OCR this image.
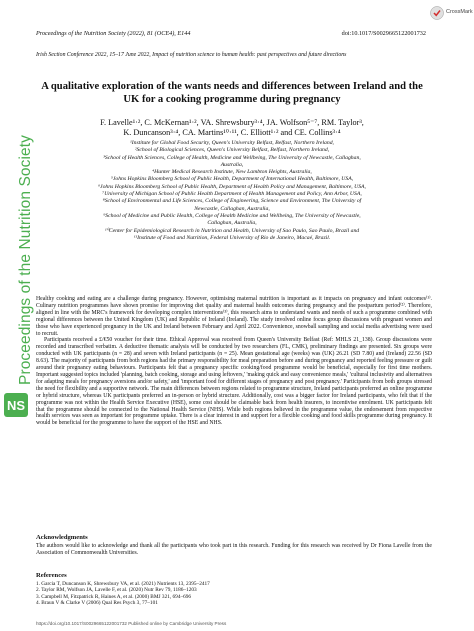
NS
Proceedings of the Nutrition Society
CrossMark
Proceedings of the Nutrition Society (2022), 81 (OCE4), E144	doi:10.1017/S0029665122001732
Irish Section Conference 2022, 15–17 June 2022, Impact of nutrition science to human health: past perspectives and future directions
A qualitative exploration of the wants needs and differences between Ireland and the UK for a cooking programme during pregnancy
F. Lavelle¹·², C. McKernan¹·², VA. Shrewsbury³·⁴, JA. Wolfson⁵⁻⁷, RM. Taylor³,
K. Duncanson³·⁴, CA. Martins¹⁰·¹¹, C. Elliott¹·² and CE. Collins³·⁴
¹Institute for Global Food Security, Queen's University Belfast, Belfast, Northern Ireland,
²School of Biological Sciences, Queen's University Belfast, Belfast, Northern Ireland,
³School of Health Sciences, College of Health, Medicine and Wellbeing, The University of Newcastle, Callaghan,
Australia,
⁴Hunter Medical Research Institute, New Lambton Heights, Australia,
⁵Johns Hopkins Bloomberg School of Public Health, Department of International Health, Baltimore, USA,
⁶Johns Hopkins Bloomberg School of Public Health, Department of Health Policy and Management, Baltimore, USA,
⁷University of Michigan School of Public Health Department of Health Management and Policy, Ann Arbor, USA,
⁸School of Environmental and Life Sciences, College of Engineering, Science and Environment, The University of
Newcastle, Callaghan, Australia,
⁹School of Medicine and Public Health, College of Health Medicine and Wellbeing, The University of Newcastle,
Callaghan, Australia,
¹⁰Center for Epidemiological Research in Nutrition and Health, University of Sao Paulo, Sao Paulo, Brazil and
¹¹Institute of Food and Nutrition, Federal University of Rio de Janeiro, Macaé, Brazil.

Healthy cooking and eating are a challenge during pregnancy. However, optimising maternal nutrition is important as it impacts on pregnancy and infant outcomes⁽¹⁾. Culinary nutrition programmes have shown promise for improving diet quality and maternal health outcomes during pregnancy and the postpartum period⁽²⁾. Therefore, aligned in line with the MRC's framework for developing complex interventions⁽³⁾, this research aims to understand wants and needs of such a programme combined with regional differences between the United Kingdom (UK) and Republic of Ireland (Ireland). The study involved online focus group discussions with pregnant women and those who have experienced pregnancy in the UK and Ireland between February and April 2022. Convenience, snowball sampling and social media advertising were used to recruit.

Participants received a £/€50 voucher for their time. Ethical Approval was received from Queen's University Belfast (Ref: MHLS 21_138). Group discussions were recorded and transcribed verbatim. A deductive thematic analysis will be conducted by two researchers (FL, CMK), preliminary findings are presented. Six groups were conducted with UK participants (n = 28) and seven with Ireland participants (n = 25). Mean gestational age (weeks) was (UK) 26.21 (SD 7.80) and (Ireland) 22.56 (SD 8.63). The majority of participants from both regions had the primary responsibility for meal preparation before and during pregnancy and reported feeling pressure or guilt around their pregnancy eating behaviours. Participants felt that a pregnancy specific cooking/food programme would be beneficial, especially for first time mothers. Important suggested topics included 'planning, batch cooking, storage and using leftovers,' 'making quick and easy convenience meals,' 'cultural inclusivity and alternatives for adapting meals for pregnancy aversions and/or safety,' and 'important food for different stages of pregnancy and post pregnancy.' Participants from both groups stressed the need for flexibility and a supportive network. The main differences between regions related to programme structure, Ireland participants preferred an online programme or hybrid structure, whereas UK participants preferred an in-person or hybrid structure. Additionally, cost was a bigger factor for Ireland participants, who felt that if the programme was not within the Health Service Executive (HSE), some cost should be claimable back from health insurers, to incentivise enrolment. UK participants felt that the programme should be connected to the National Health Service (NHS). While both regions believed in the programme value, the endorsement from respective health services was seen as important for programme uptake. There is a clear interest in and support for a flexible cooking and food skills programme during pregnancy. It would be beneficial for the programme to have the support of the HSE and NHS.

Acknowledgments
The authors would like to acknowledge and thank all the participants who took part in this research. Funding for this research was received by Dr Fiona Lavelle from the Association of Commonwealth Universities.
References
1. Garcia T, Duncanson K, Shrewsbury VA, et al. (2021) Nutrients 13, 2395–2417
2. Taylor RM, Wolfson JA, Lavelle F, et al. (2020) Nutr Rev 79, 1186–1203
3. Campbell M, Fitzpatrick R, Haines A, et al. (2000) BMJ 321, 694–696
4. Braun V & Clarke V (2006) Qual Res Psych 3, 77–101
https://doi.org/10.1017/S0029665122001732 Published online by Cambridge University Press
